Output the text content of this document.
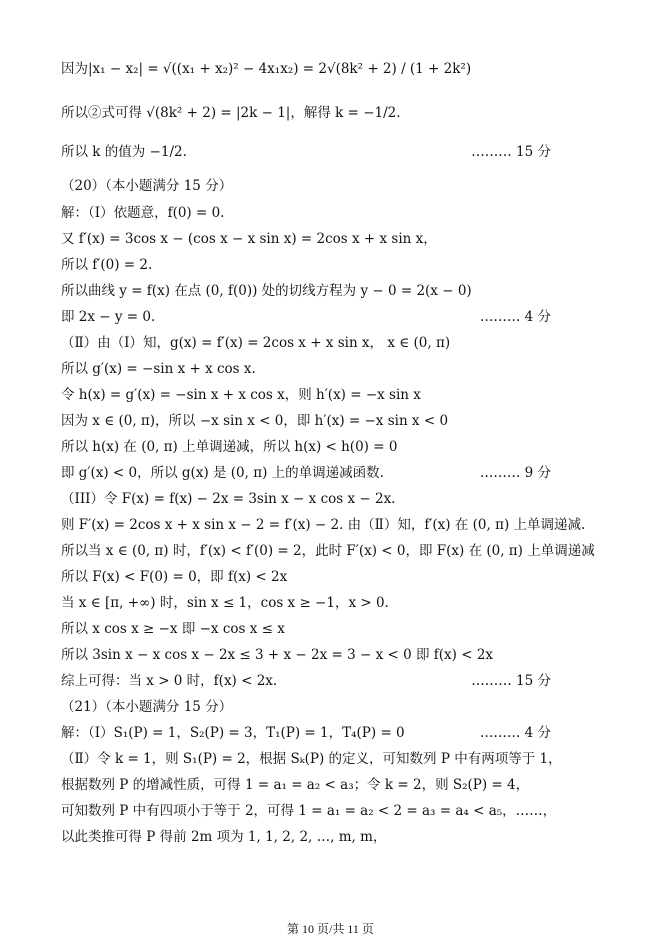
因为|x₁ − x₂| = √((x₁ + x₂)² − 4x₁x₂) = 2√(8k² + 2) / (1 + 2k²)
所以②式可得 √(8k² + 2) = |2k − 1|，解得 k = −1/2.
所以 k 的值为 −1/2.	……… 15 分
（20）（本小题满分 15 分）
解：（Ⅰ）依题意，f(0) = 0.
又 f′(x) = 3cos x − (cos x − x sin x) = 2cos x + x sin x，
所以 f′(0) = 2.
所以曲线 y = f(x) 在点 (0, f(0)) 处的切线方程为 y − 0 = 2(x − 0)
即 2x − y = 0.	……… 4 分
（Ⅱ）由（Ⅰ）知，g(x) = f′(x) = 2cos x + x sin x， x ∈ (0, π)
所以 g′(x) = −sin x + x cos x.
令 h(x) = g′(x) = −sin x + x cos x，则 h′(x) = −x sin x
因为 x ∈ (0, π)，所以 −x sin x < 0，即 h′(x) = −x sin x < 0
所以 h(x) 在 (0, π) 上单调递减，所以 h(x) < h(0) = 0
即 g′(x) < 0，所以 g(x) 是 (0, π) 上的单调递减函数.	……… 9 分
（III）令 F(x) = f(x) − 2x = 3sin x − x cos x − 2x.
则 F′(x) = 2cos x + x sin x − 2 = f′(x) − 2. 由（Ⅱ）知，f′(x) 在 (0, π) 上单调递减.
所以当 x ∈ (0, π) 时，f′(x) < f′(0) = 2，此时 F′(x) < 0，即 F(x) 在 (0, π) 上单调递减
所以 F(x) < F(0) = 0，即 f(x) < 2x
当 x ∈ [π, +∞) 时，sin x ≤ 1，cos x ≥ −1，x > 0.
所以 x cos x ≥ −x 即 −x cos x ≤ x
所以 3sin x − x cos x − 2x ≤ 3 + x − 2x = 3 − x < 0 即 f(x) < 2x
综上可得：当 x > 0 时，f(x) < 2x.	……… 15 分
（21）（本小题满分 15 分）
解：（Ⅰ）S₁(P) = 1，S₂(P) = 3，T₁(P) = 1，T₄(P) = 0	……… 4 分
（Ⅱ）令 k = 1，则 S₁(P) = 2，根据 Sₖ(P) 的定义，可知数列 P 中有两项等于 1，
根据数列 P 的增减性质，可得 1 = a₁ = a₂ < a₃；令 k = 2，则 S₂(P) = 4，
可知数列 P 中有四项小于等于 2，可得 1 = a₁ = a₂ < 2 = a₃ = a₄ < a₅，……，
以此类推可得 P 得前 2m 项为 1, 1, 2, 2, …, m, m，
第 10 页/共 11 页
